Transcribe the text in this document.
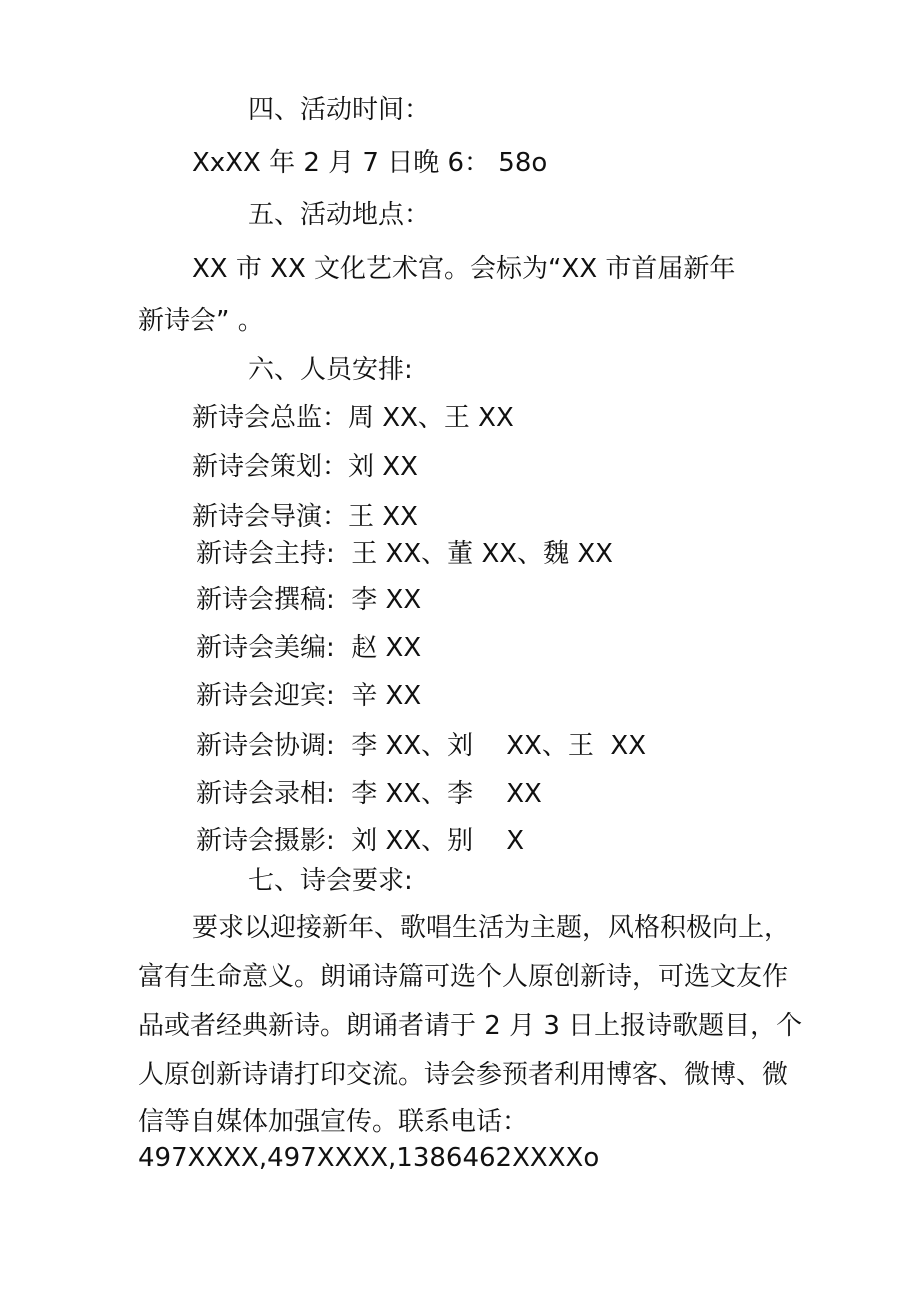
四、活动时间：
XxXX 年 2 月 7 日晚 6： 58o
五、活动地点：
XX 市 XX 文化艺术宫。会标为“XX 市首届新年
新诗会” 。
六、人员安排:
新诗会总监：周 XX、王 XX
新诗会策划：刘 XX
新诗会导演：王 XX
新诗会主持:  王 XX、董 XX、魏 XX
新诗会撰稿:  李 XX
新诗会美编:  赵 XX
新诗会迎宾:  辛 XX
新诗会协调:  李 XX、刘    XX、王  XX
新诗会录相:  李 XX、李    XX
新诗会摄影:  刘 XX、别    X
七、诗会要求:
要求以迎接新年、歌唱生活为主题，风格积极向上，
富有生命意义。朗诵诗篇可选个人原创新诗，可选文友作
品或者经典新诗。朗诵者请于 2 月 3 日上报诗歌题目，个
人原创新诗请打印交流。诗会参预者利用博客、微博、微
信等自媒体加强宣传。联系电话：
497XXXX,497XXXX,1386462XXXXo
